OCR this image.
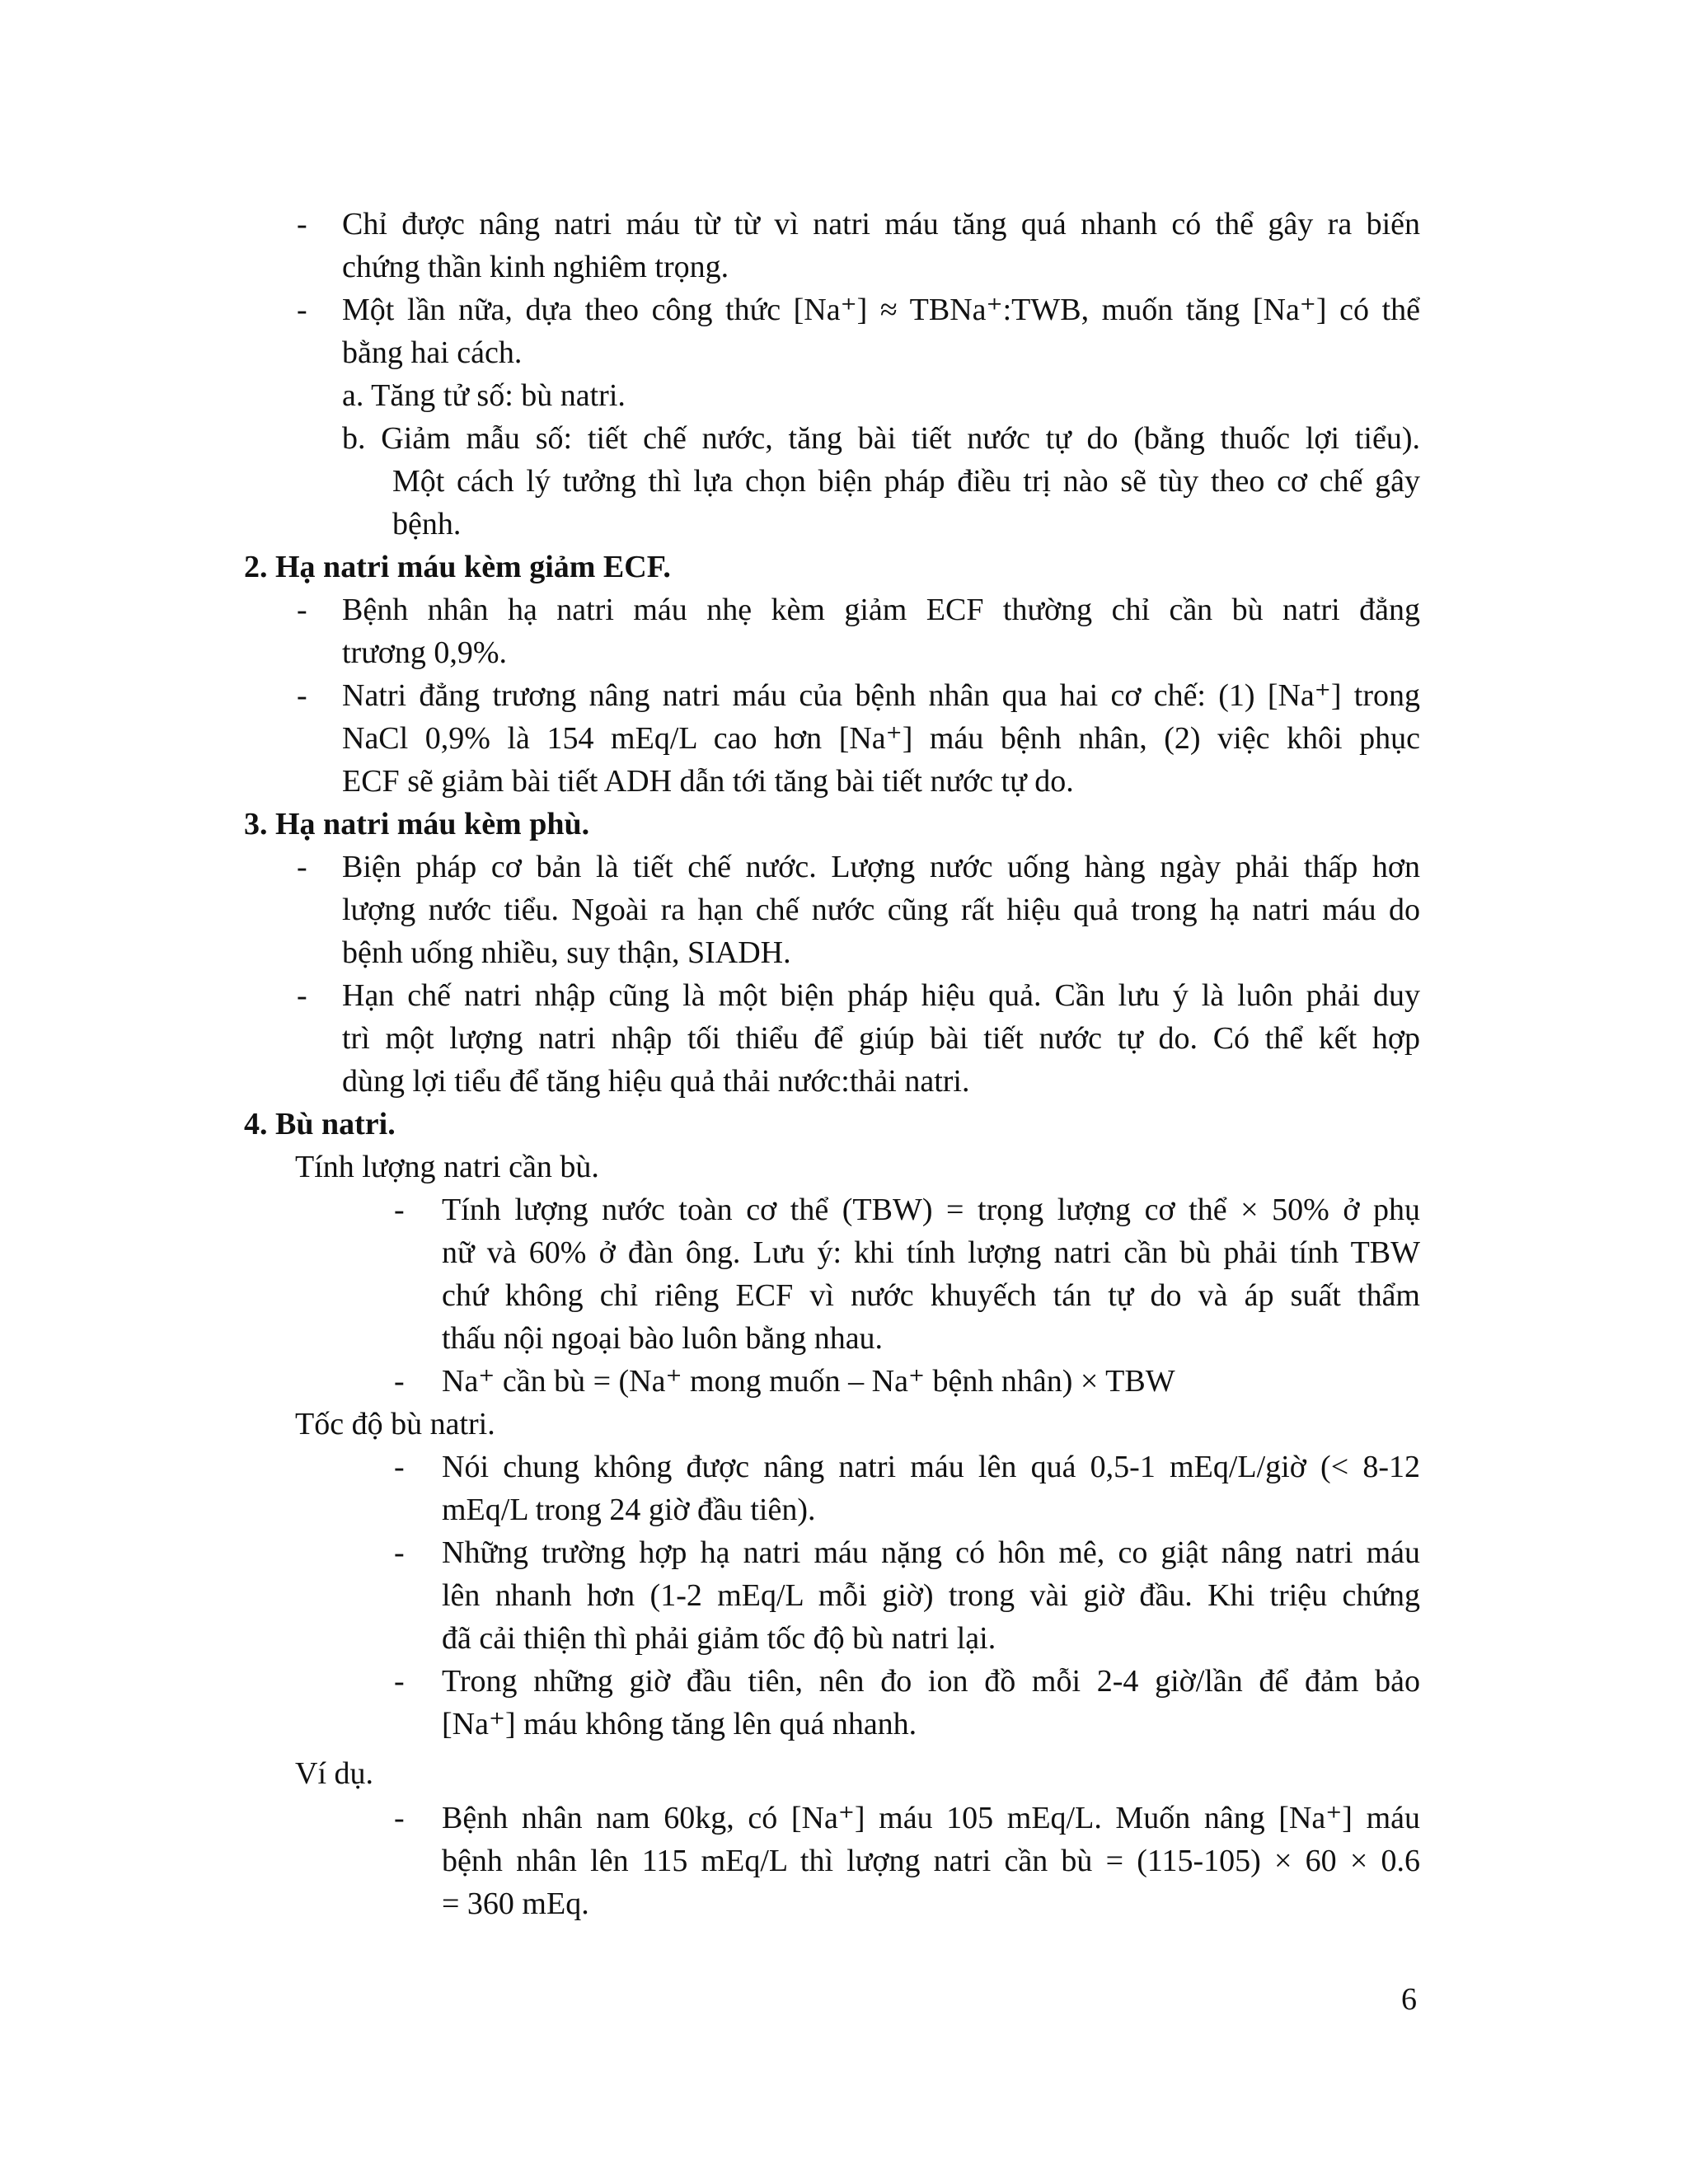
- Chỉ được nâng natri máu từ từ vì natri máu tăng quá nhanh có thể gây ra biến
chứng thần kinh nghiêm trọng.
- Một lần nữa, dựa theo công thức [Na⁺] ≈ TBNa⁺:TWB, muốn tăng [Na⁺] có thể
bằng hai cách.
a. Tăng tử số: bù natri.
b. Giảm mẫu số: tiết chế nước, tăng bài tiết nước tự do (bằng thuốc lợi tiểu).
Một cách lý tưởng thì lựa chọn biện pháp điều trị nào sẽ tùy theo cơ chế gây
bệnh.
2. Hạ natri máu kèm giảm ECF.
- Bệnh nhân hạ natri máu nhẹ kèm giảm ECF thường chỉ cần bù natri đẳng
trương 0,9%.
- Natri đẳng trương nâng natri máu của bệnh nhân qua hai cơ chế: (1) [Na⁺] trong
NaCl 0,9% là 154 mEq/L cao hơn [Na⁺] máu bệnh nhân, (2) việc khôi phục
ECF sẽ giảm bài tiết ADH dẫn tới tăng bài tiết nước tự do.
3. Hạ natri máu kèm phù.
- Biện pháp cơ bản là tiết chế nước. Lượng nước uống hàng ngày phải thấp hơn
lượng nước tiểu. Ngoài ra hạn chế nước cũng rất hiệu quả trong hạ natri máu do
bệnh uống nhiều, suy thận, SIADH.
- Hạn chế natri nhập cũng là một biện pháp hiệu quả. Cần lưu ý là luôn phải duy
trì một lượng natri nhập tối thiểu để giúp bài tiết nước tự do. Có thể kết hợp
dùng lợi tiểu để tăng hiệu quả thải nước:thải natri.
4. Bù natri.
Tính lượng natri cần bù.
- Tính lượng nước toàn cơ thể (TBW) = trọng lượng cơ thể × 50% ở phụ
nữ và 60% ở đàn ông. Lưu ý: khi tính lượng natri cần bù phải tính TBW
chứ không chỉ riêng ECF vì nước khuyếch tán tự do và áp suất thẩm
thấu nội ngoại bào luôn bằng nhau.
- Na⁺ cần bù = (Na⁺ mong muốn – Na⁺ bệnh nhân) × TBW
Tốc độ bù natri.
- Nói chung không được nâng natri máu lên quá 0,5-1 mEq/L/giờ (< 8-12
mEq/L trong 24 giờ đầu tiên).
- Những trường hợp hạ natri máu nặng có hôn mê, co giật nâng natri máu
lên nhanh hơn (1-2 mEq/L mỗi giờ) trong vài giờ đầu. Khi triệu chứng
đã cải thiện thì phải giảm tốc độ bù natri lại.
- Trong những giờ đầu tiên, nên đo ion đồ mỗi 2-4 giờ/lần để đảm bảo
[Na⁺] máu không tăng lên quá nhanh.
Ví dụ.
- Bệnh nhân nam 60kg, có [Na⁺] máu 105 mEq/L. Muốn nâng [Na⁺] máu
bệnh nhân lên 115 mEq/L thì lượng natri cần bù = (115-105) × 60 × 0.6
= 360 mEq.
6
